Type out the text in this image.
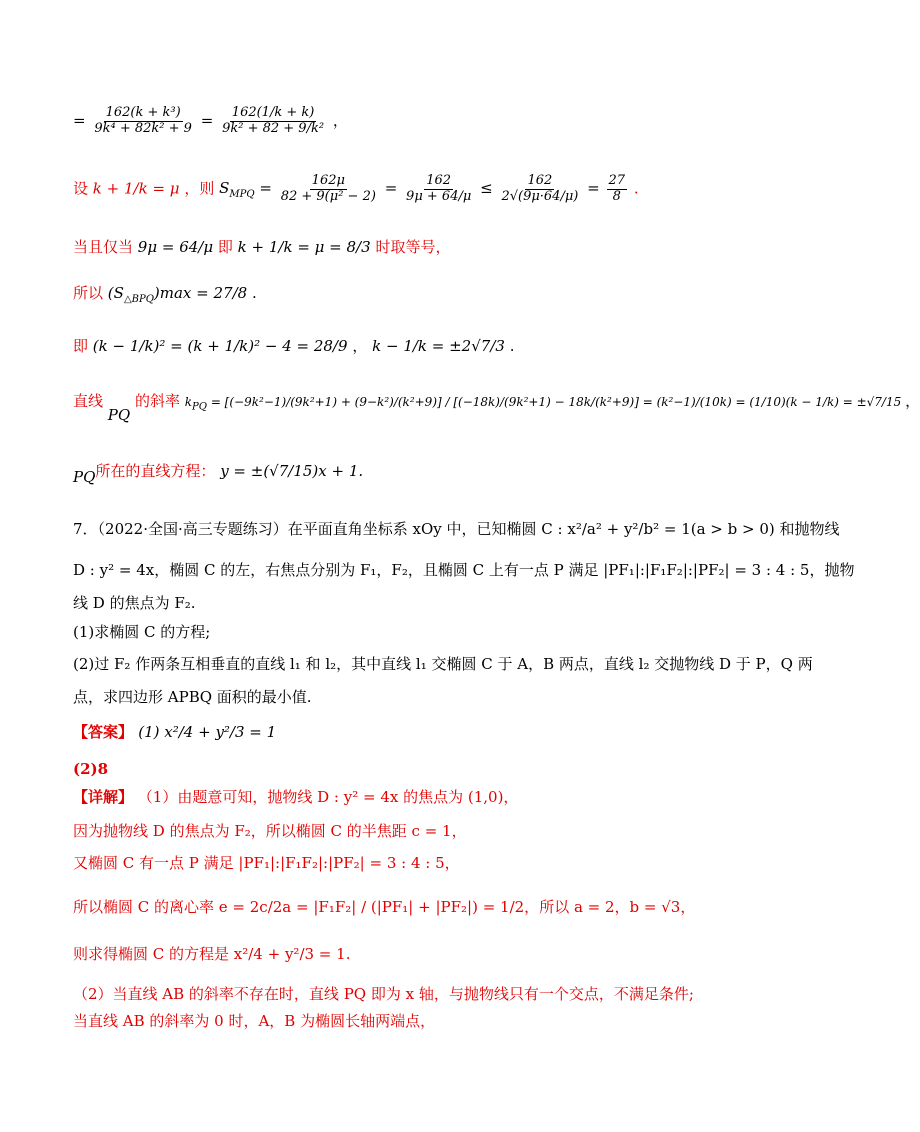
= $\frac{\text{162(k + k³)}}{\text{9k⁴ + 82k² + 9}} = \frac{162(1/k + k)}{\text{9k² + 82 + 9/k²}}$ ，
设 k + 1/k = μ ，则 $S_{MPQ} = \frac{162\mu}{\text{82 + 9(μ² − 2)}} = \frac{162}{9\mu + 64/\mu} \le \frac{162}{2√(9\mu\cdot 64/\mu)} = \frac{27}{8}$ .
当且仅当 9μ = 64/μ 即 k + 1/k = μ = 8/3 时取等号，
所以 $(S_{\triangle BPQ})\max = 27/8$ .
即 (k − 1/k)² = (k + 1/k)² − 4 = 28/9 ， k − 1/k = ±2√7/3 .
直线 PQ 的斜率 $k_{PQ} = [(-9k^2-1)/(9k^2+1) + (9-k^2)/(k^2+9)] / [(-18k)/(9k^2+1) - 18k/(k^2+9)] = (k^2-1)/(10k) = (1/10)(k - 1/k) = \pm√7/15$ ，
PQ所在的直线方程： y = ±(√7/15)x + 1.
7．（2022·全国·高三专题练习）在平面直角坐标系 xOy 中，已知椭圆 C : x²/a² + y²/b² = 1(a > b > 0) 和抛物线
D : y² = 4x，椭圆 C 的左，右焦点分别为 F₁，F₂，且椭圆 C 上有一点 P 满足 |PF₁|:|F₁F₂|:|PF₂| = 3 : 4 : 5，抛物
线 D 的焦点为 F₂.
(1)求椭圆 C 的方程;
(2)过 F₂ 作两条互相垂直的直线 l₁ 和 l₂，其中直线 l₁ 交椭圆 C 于 A，B 两点，直线 l₂ 交抛物线 D 于 P，Q 两
点，求四边形 APBQ 面积的最小值.
【答案】 (1) x²/4 + y²/3 = 1
(2)8
【详解】 （1）由题意可知，抛物线 D : y² = 4x 的焦点为 (1,0)，
因为抛物线 D 的焦点为 F₂，所以椭圆 C 的半焦距 c = 1，
又椭圆 C 有一点 P 满足 |PF₁|:|F₁F₂|:|PF₂| = 3 : 4 : 5，
所以椭圆 C 的离心率 e = 2c/2a = |F₁F₂| / (|PF₁| + |PF₂|) = 1/2，所以 a = 2，b = √3，
则求得椭圆 C 的方程是 x²/4 + y²/3 = 1.
（2）当直线 AB 的斜率不存在时，直线 PQ 即为 x 轴，与抛物线只有一个交点，不满足条件;
当直线 AB 的斜率为 0 时，A，B 为椭圆长轴两端点，
